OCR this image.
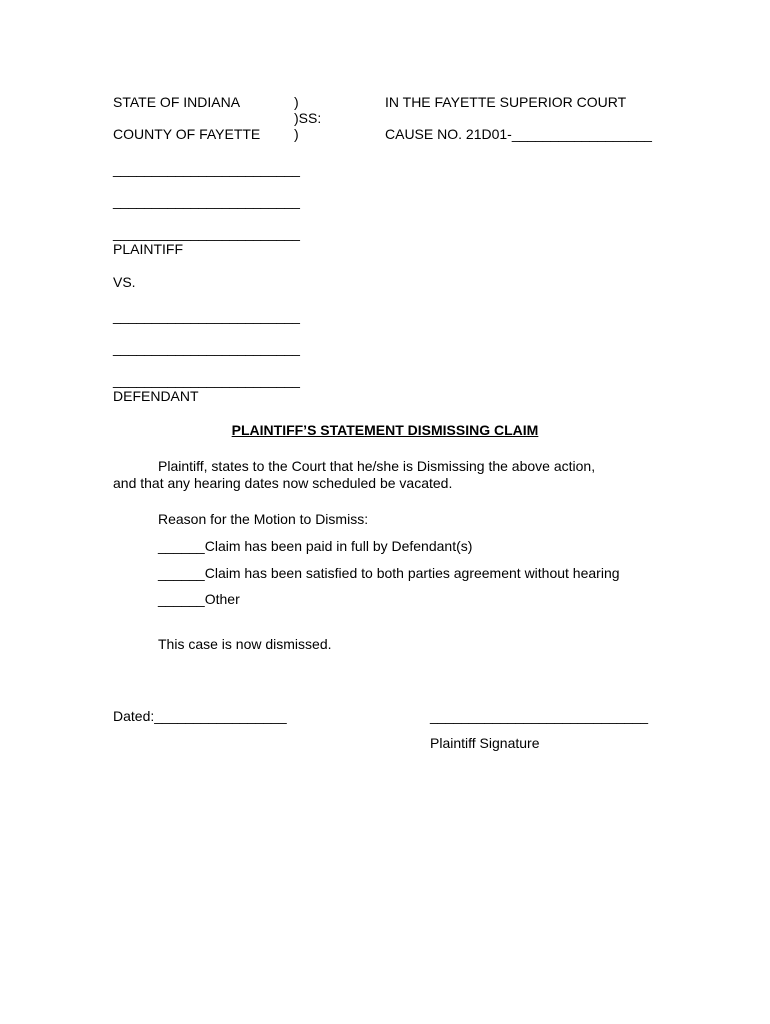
STATE OF INDIANA
COUNTY OF FAYETTE
)
)SS:
)
IN THE FAYETTE SUPERIOR COURT
CAUSE NO. 21D01-__________________
________________________
________________________
________________________
PLAINTIFF
VS.
________________________
________________________
________________________
DEFENDANT
PLAINTIFF’S STATEMENT DISMISSING CLAIM
Plaintiff, states to the Court that he/she is Dismissing the above action,
and that any hearing dates now scheduled be vacated.
Reason for the Motion to Dismiss:
______Claim has been paid in full by Defendant(s)
______Claim has been satisfied to both parties agreement without hearing
______Other
This case is now dismissed.
Dated:_________________	____________________________
Plaintiff Signature
